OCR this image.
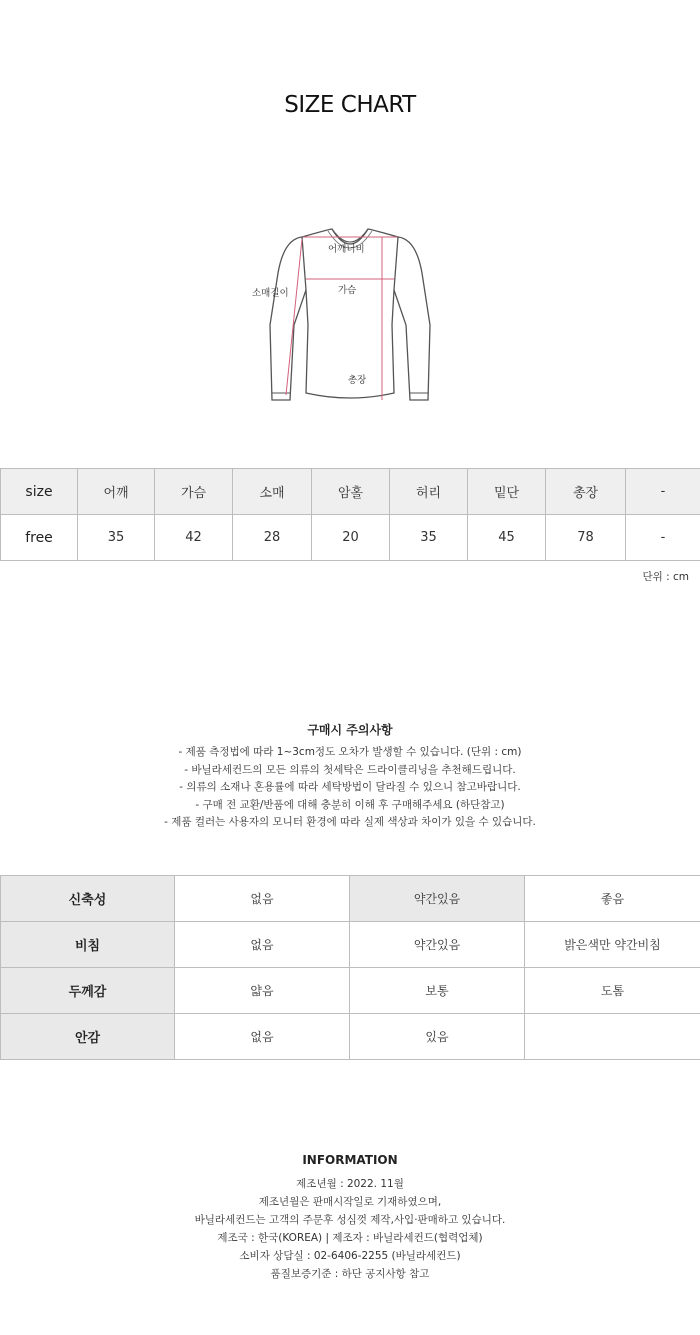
SIZE CHART
어깨너비
소매길이	가슴
총장
size	어깨	가슴	소매	암홀	허리	밑단	총장	-
free	35	42	28	20	35	45	78	-
단위 : cm
구매시 주의사항
- 제품 측정법에 따라 1~3cm정도 오차가 발생할 수 있습니다. (단위 : cm)
- 바닐라세컨드의 모든 의류의 첫세탁은 드라이클리닝을 추천해드립니다.
- 의류의 소재나 혼용률에 따라 세탁방법이 달라질 수 있으니 참고바랍니다.
- 구매 전 교환/반품에 대해 충분히 이해 후 구매해주세요 (하단참고)
- 제품 컬러는 사용자의 모니터 환경에 따라 실제 색상과 차이가 있을 수 있습니다.
신축성	없음	약간있음	좋음
비침	없음	약간있음	밝은색만 약간비침
두께감	얇음	보통	도톰
안감	없음	있음	
INFORMATION
제조년월 : 2022. 11월
제조년월은 판매시작일로 기재하였으며,
바닐라세컨드는 고객의 주문후 성심껏 제작,사입·판매하고 있습니다.
제조국 : 한국(KOREA) | 제조자 : 바닐라세컨드(협력업체)
소비자 상담실 : 02-6406-2255 (바닐라세컨드)
품질보증기준 : 하단 공지사항 참고
